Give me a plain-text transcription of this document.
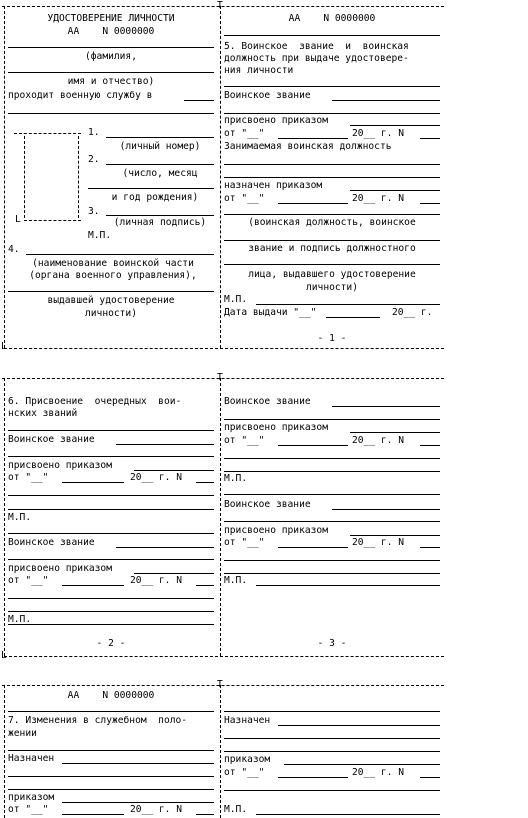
T
L
УДОСТОВЕРЕНИЕ ЛИЧНОСТИ
АА    N 0000000
(фамилия,
имя и отчество)
проходит военную службу в
L
1.
(личный номер)
2.
(число, месяц
и год рождения)
3.
(личная подпись)
М.П.
4.
(наименование воинской части
(органа военного управления),
выдавшей удостоверение
личности)
АА    N 0000000
5. Воинское  звание  и  воинская
должность при выдаче удостовере-
ния личности
Воинское звание
присвоено приказом
от "__"	20__ г. N
Занимаемая воинская должность
назначен приказом
от "__"	20__ г. N
(воинская должность, воинское
звание и подпись должностного
лица, выдавшего удостоверение
личности)
М.П.
Дата выдачи "__"	20__ г.
- 1 -
T
L
6. Присвоение  очередных  вои-
нских званий
Воинское звание
присвоено приказом
от "__"	20__ г. N
М.П.
Воинское звание
присвоено приказом
от "__"	20__ г. N
М.П.
- 2 -
Воинское звание
присвоено приказом
от "__"	20__ г. N
М.П.
Воинское звание
присвоено приказом
от "__"	20__ г. N
М.П.
- 3 -
T
АА    N 0000000
7. Изменения в служебном  поло-
жении
Назначен
приказом
от "__"	20__ г. N
Назначен
приказом
от "__"	20__ г. N
М.П.
